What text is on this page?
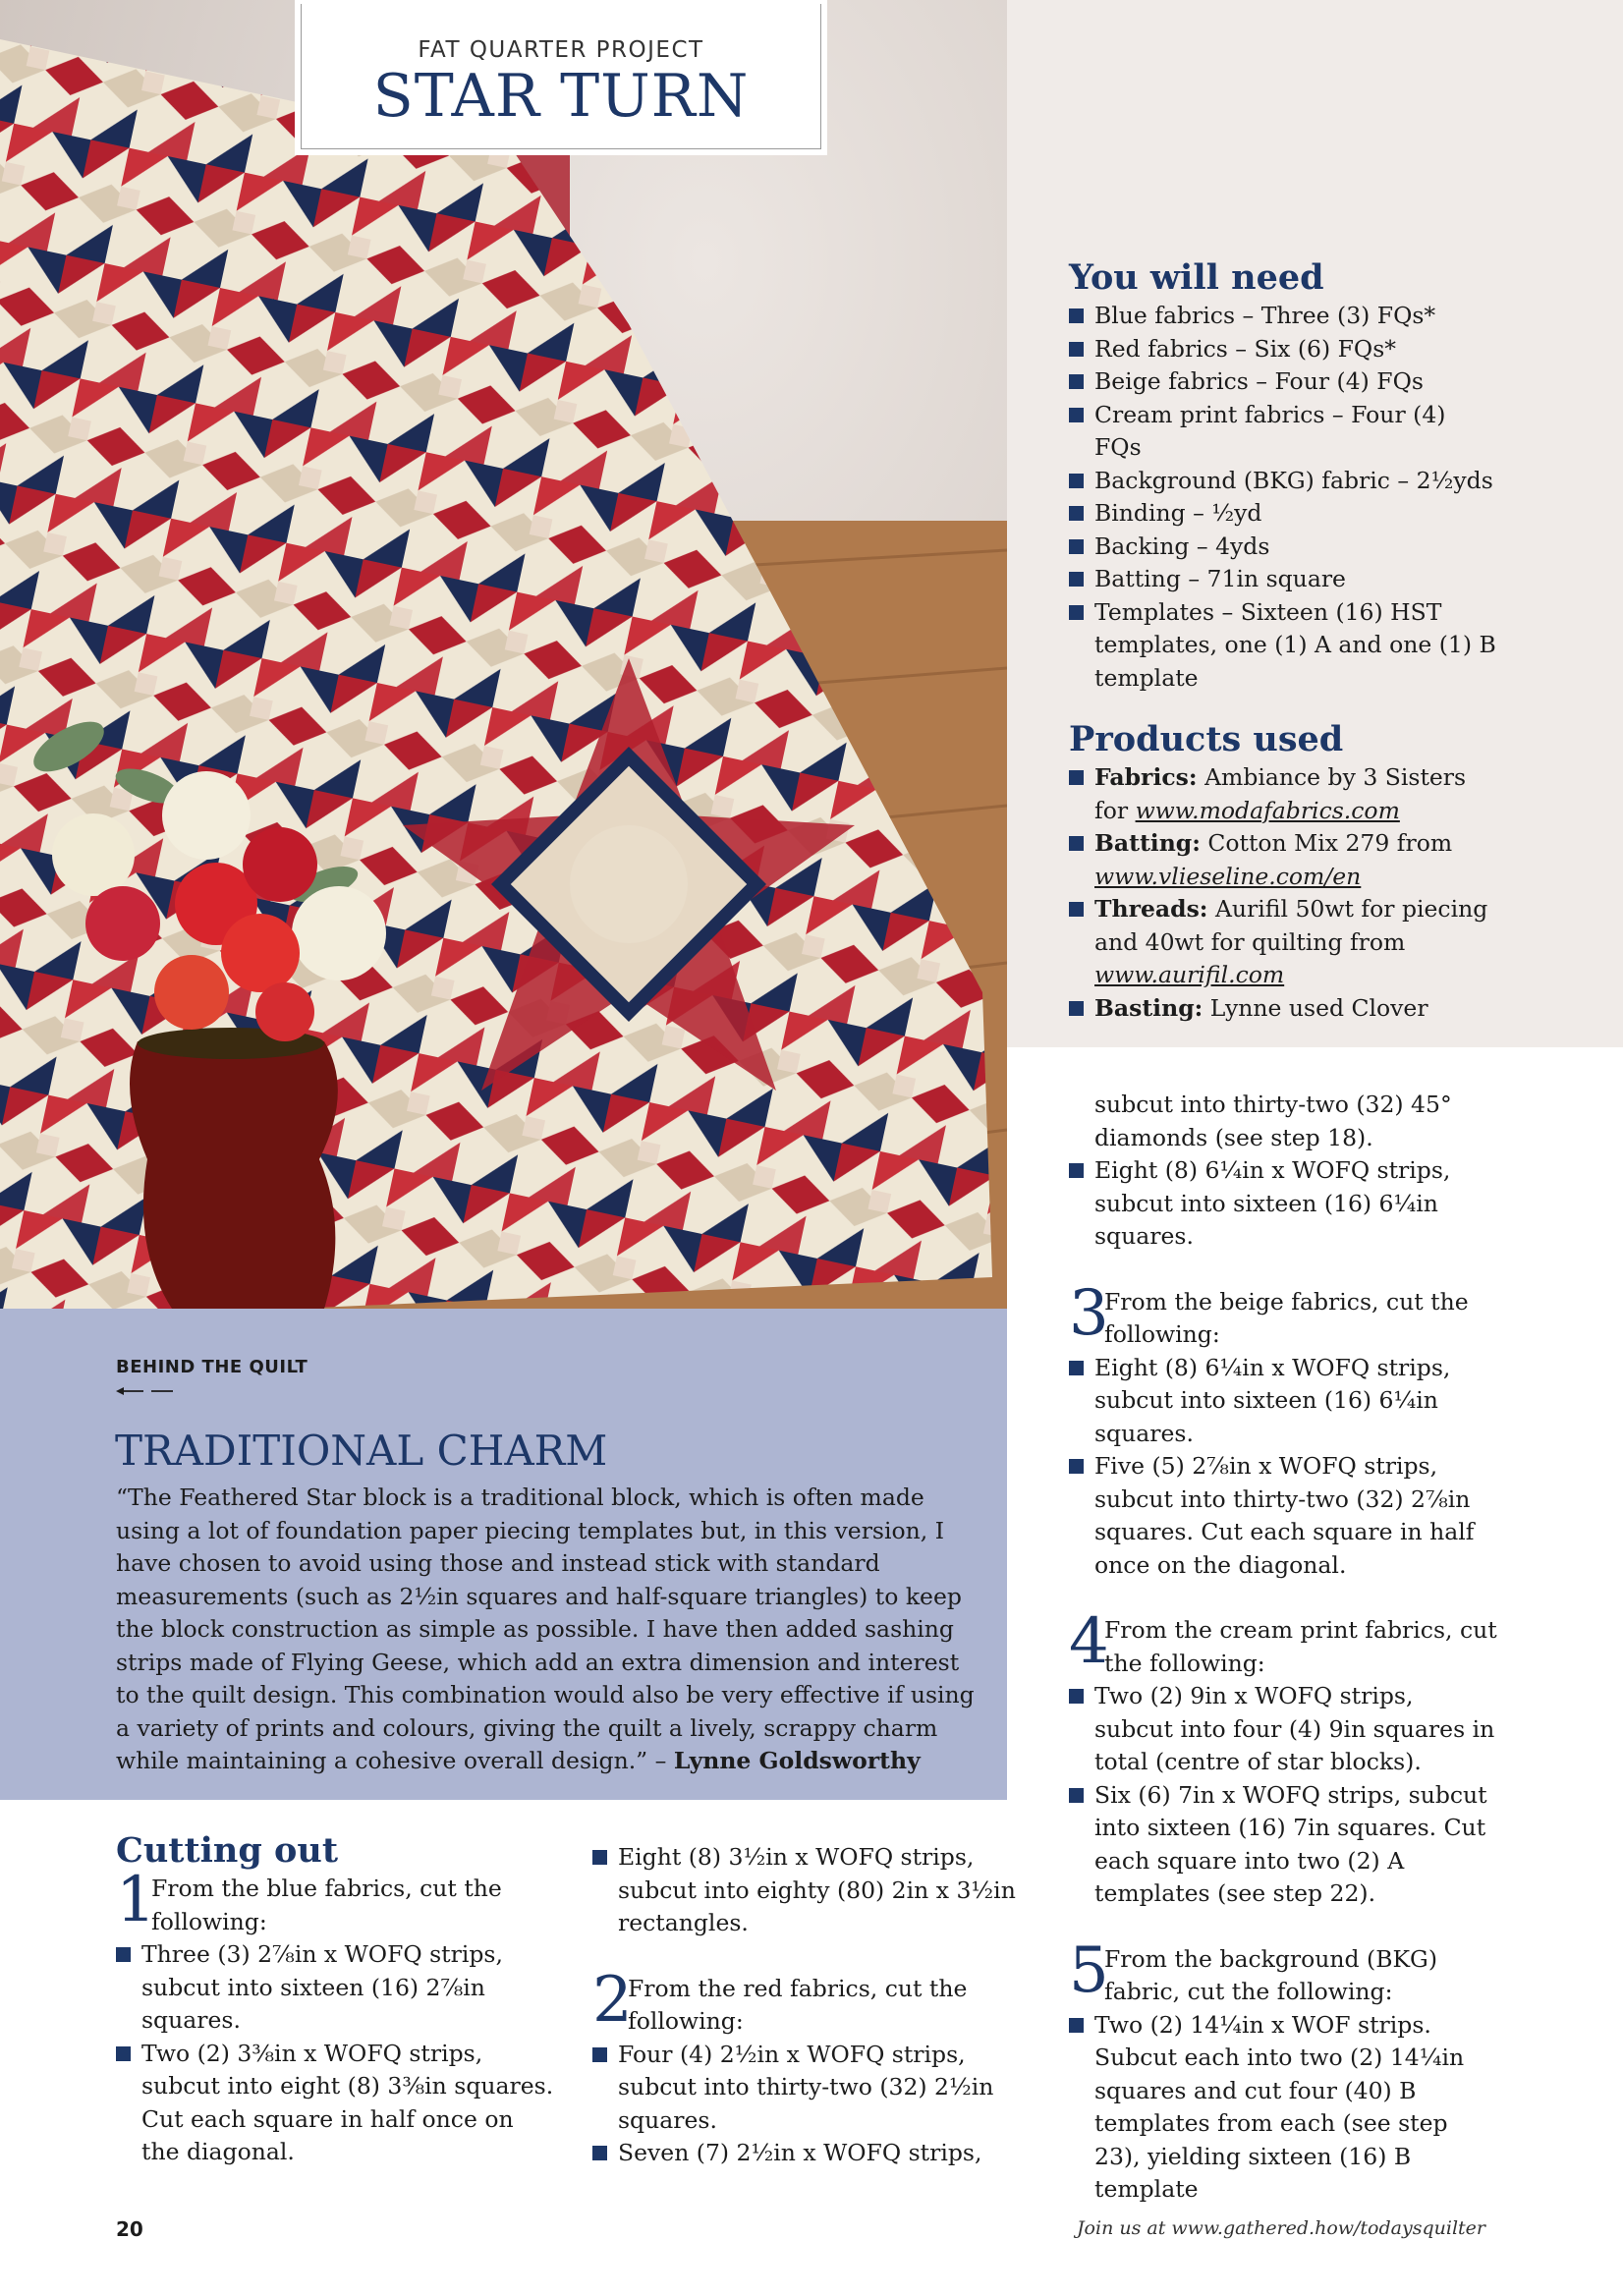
FAT QUARTER PROJECT
STAR TURN
You will need
Blue fabrics – Three (3) FQs*
Red fabrics – Six (6) FQs*
Beige fabrics – Four (4) FQs
Cream print fabrics – Four (4) FQs
Background (BKG) fabric – 2½yds
Binding – ½yd
Backing – 4yds
Batting – 71in square
Templates – Sixteen (16) HST templates, one (1) A and one (1) B template
Products used
Fabrics: Ambiance by 3 Sisters for www.modafabrics.com
Batting: Cotton Mix 279 from www.vlieseline.com/en
Threads: Aurifil 50wt for piecing and 40wt for quilting from www.aurifil.com
Basting: Lynne used Clover
BEHIND THE QUILT
TRADITIONAL CHARM
“The Feathered Star block is a traditional block, which is often made using a lot of foundation paper piecing templates but, in this version, I have chosen to avoid using those and instead stick with standard measurements (such as 2½in squares and half-square triangles) to keep the block construction as simple as possible. I have then added sashing strips made of Flying Geese, which add an extra dimension and interest to the quilt design. This combination would also be very effective if using a variety of prints and colours, giving the quilt a lively, scrappy charm while maintaining a cohesive overall design.” – Lynne Goldsworthy
Cutting out
1
From the blue fabrics, cut the following:
Three (3) 2⅞in x WOFQ strips, subcut into sixteen (16) 2⅞in squares.
Two (2) 3⅜in x WOFQ strips, subcut into eight (8) 3⅜in squares. Cut each square in half once on the diagonal.
Eight (8) 3½in x WOFQ strips, subcut into eighty (80) 2in x 3½in rectangles.
2
From the red fabrics, cut the following:
Four (4) 2½in x WOFQ strips, subcut into thirty-two (32) 2½in squares.
Seven (7) 2½in x WOFQ strips,
subcut into thirty-two (32) 45° diamonds (see step 18).
Eight (8) 6¼in x WOFQ strips, subcut into sixteen (16) 6¼in squares.
3
From the beige fabrics, cut the following:
Eight (8) 6¼in x WOFQ strips, subcut into sixteen (16) 6¼in squares.
Five (5) 2⅞in x WOFQ strips, subcut into thirty-two (32) 2⅞in squares. Cut each square in half once on the diagonal.
4
From the cream print fabrics, cut the following:
Two (2) 9in x WOFQ strips, subcut into four (4) 9in squares in total (centre of star blocks).
Six (6) 7in x WOFQ strips, subcut into sixteen (16) 7in squares. Cut each square into two (2) A templates (see step 22).
5
From the background (BKG) fabric, cut the following:
Two (2) 14¼in x WOF strips. Subcut each into two (2) 14¼in squares and cut four (40) B templates from each (see step 23), yielding sixteen (16) B template
20	Join us at www.gathered.how/todaysquilter
